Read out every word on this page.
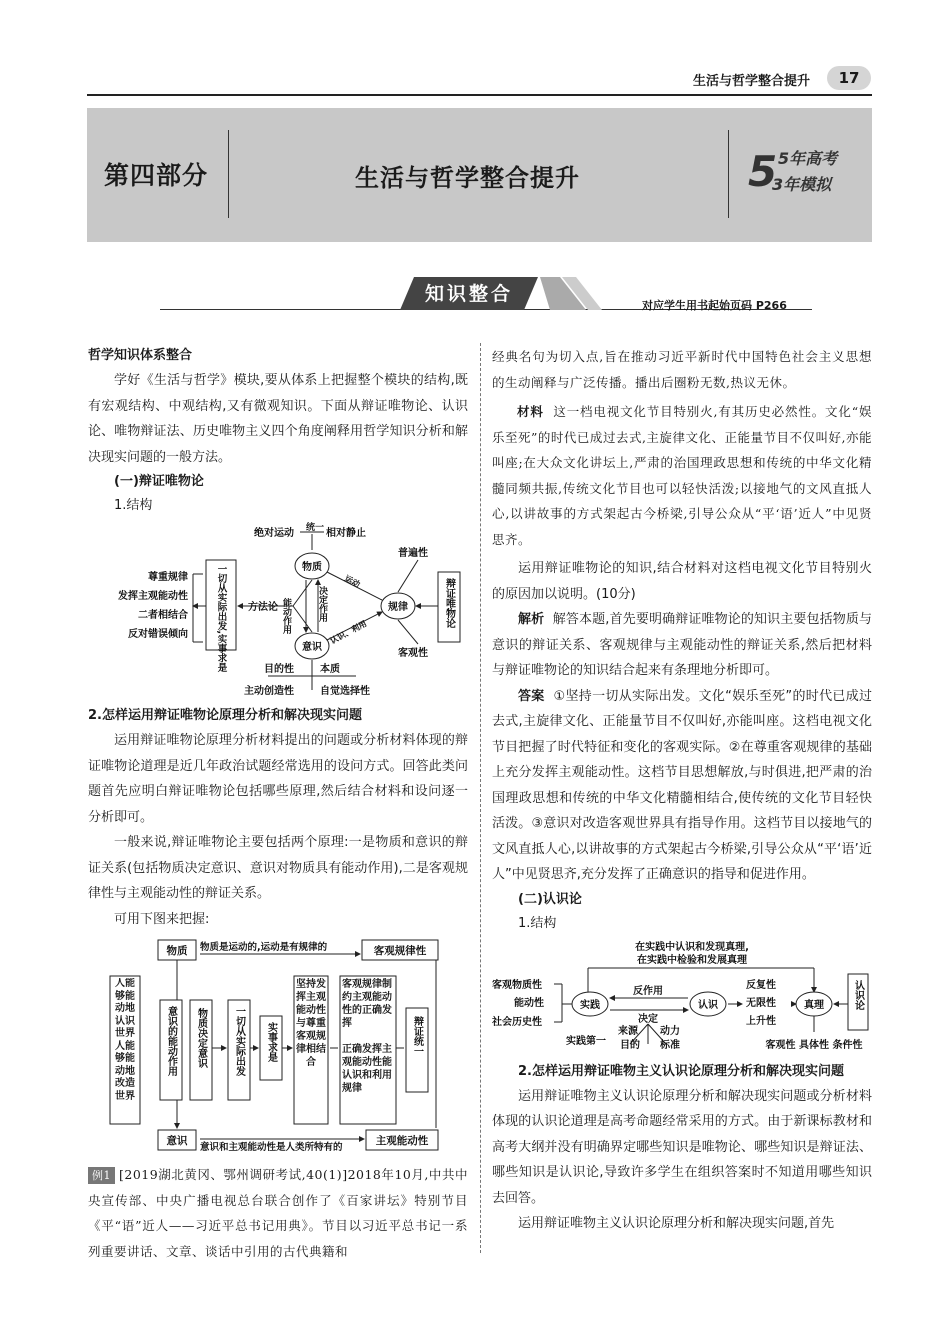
生活与哲学整合提升	17
第四部分	生活与哲学整合提升	5 5年高考
3年模拟
知识整合
对应学生用书起始页码 P266

哲学知识体系整合

学好《生活与哲学》模块,要从体系上把握整个模块的结构,既有宏观结构、中观结构,又有微观知识。下面从辩证唯物论、认识论、唯物辩证法、历史唯物主义四个角度阐释用哲学知识分析和解决现实问题的一般方法。

(一)辩证唯物论

1.结构

绝对运动 统一 相对静止
物质
规律
意识
运动
认识、利用
普遍性
客观性
能动作用	决定作用	辩证唯物论
目的性	本质
主动创造性	自觉选择性
一切从实际出发,实事求是 方法论
尊重规律
发挥主观能动性
二者相结合
反对错误倾向

2.怎样运用辩证唯物论原理分析和解决现实问题

运用辩证唯物论原理分析材料提出的问题或分析材料体现的辩证唯物论道理是近几年政治试题经常选用的设问方式。回答此类问题首先应明白辩证唯物论包括哪些原理,然后结合材料和设问逐一分析即可。

一般来说,辩证唯物论主要包括两个原理:一是物质和意识的辩证关系(包括物质决定意识、意识对物质具有能动作用),二是客观规律性与主观能动性的辩证关系。

可用下图来把握:

物质 物质是运动的,运动是有规律的	客观规律性
意识
意识和主观能动性是人类所特有的
主观能动性
人能够能动地认识世界
人能够能动地改造世界
意识的能动作用 物质决定意识	一切从实际出发 实事求是
坚持发挥主观能动性与尊重客观规律相结合
客观规律制约主观能动性的正确发挥

正确发挥主观能动性能认识和利用规律
辩证统一

例1 [2019湖北黄冈、鄂州调研考试,40(1)]2018年10月,中共中央宣传部、中央广播电视总台联合创作了《百家讲坛》特别节目《平“语”近人——习近平总书记用典》。节目以习近平总书记一系列重要讲话、文章、谈话中引用的古代典籍和

经典名句为切入点,旨在推动习近平新时代中国特色社会主义思想的生动阐释与广泛传播。播出后圈粉无数,热议无休。

材料 这一档电视文化节目特别火,有其历史必然性。文化“娱乐至死”的时代已成过去式,主旋律文化、正能量节目不仅叫好,亦能叫座;在大众文化讲坛上,严肃的治国理政思想和传统的中华文化精髓同频共振,传统文化节目也可以轻快活泼;以接地气的文风直抵人心,以讲故事的方式架起古今桥梁,引导公众从“平‘语’近人”中见贤思齐。

运用辩证唯物论的知识,结合材料对这档电视文化节目特别火的原因加以说明。(10分)

解析 解答本题,首先要明确辩证唯物论的知识主要包括物质与意识的辩证关系、客观规律与主观能动性的辩证关系,然后把材料与辩证唯物论的知识结合起来有条理地分析即可。

答案 ①坚持一切从实际出发。文化“娱乐至死”的时代已成过去式,主旋律文化、正能量节目不仅叫好,亦能叫座。这档电视文化节目把握了时代特征和变化的客观实际。②在尊重客观规律的基础上充分发挥主观能动性。这档节目思想解放,与时俱进,把严肃的治国理政思想和传统的中华文化精髓相结合,使传统的文化节目轻快活泼。③意识对改造客观世界具有指导作用。这档节目以接地气的文风直抵人心,以讲故事的方式架起古今桥梁,引导公众从“平‘语’近人”中见贤思齐,充分发挥了正确意识的指导和促进作用。

(二)认识论

1.结构

在实践中认识和发现真理,
在实践中检验和发展真理
客观物质性
能动性
社会历史性
实践
反作用
决定
来源 动力
目的 标准
实践第一
认识
反复性
无限性
上升性
真理
客观性 具体性 条件性
认识论

2.怎样运用辩证唯物主义认识论原理分析和解决现实问题

运用辩证唯物主义认识论原理分析和解决现实问题或分析材料体现的认识论道理是高考命题经常采用的方式。由于新课标教材和高考大纲并没有明确界定哪些知识是唯物论、哪些知识是辩证法、哪些知识是认识论,导致许多学生在组织答案时不知道用哪些知识去回答。

运用辩证唯物主义认识论原理分析和解决现实问题,首先
